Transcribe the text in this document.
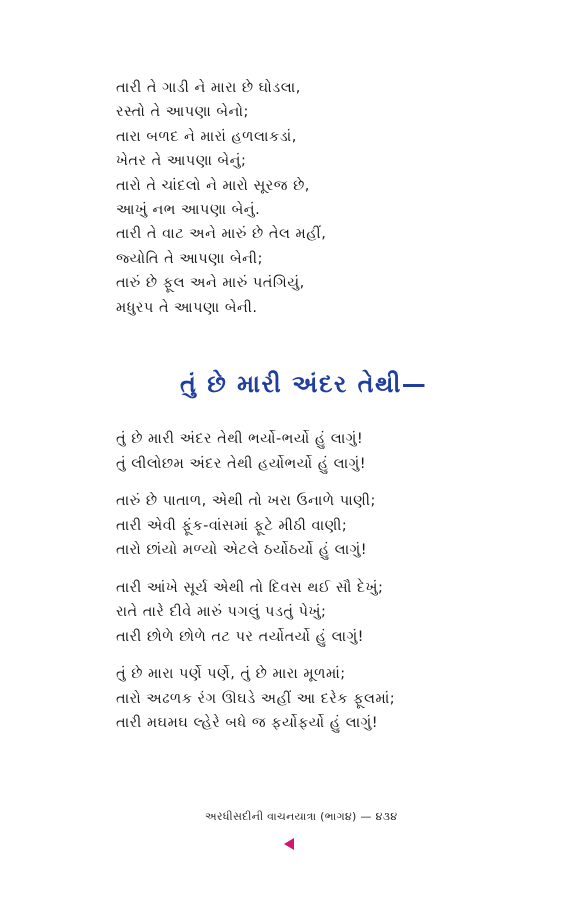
તારી તે ગાડી ને મારા છે ઘોડલા,
રસ્તો તે આપણા બેનો;
તારા બળદ ને મારાં હળલાકડાં,
ખેતર તે આપણા બેનું;
તારો તે ચાંદલો ને મારો સૂરજ છે,
આખું નભ આપણા બેનું.
તારી તે વાટ અને મારું છે તેલ મહીં,
જ્યોતિ તે આપણા બેની;
તારું છે ફૂલ અને મારું પતંગિયું,
મધુરપ તે આપણા બેની.
તું છે મારી અંદર તેથી—
તું છે મારી અંદર તેથી ભર્યો-ભર્યો હું લાગું!
તું લીલોછમ અંદર તેથી હર્યોભર્યો હું લાગું!
તારું છે પાતાળ, એથી તો ખરા ઉનાળે પાણી;
તારી એવી ફૂંક-વાંસમાં ફૂટે મીઠી વાણી;
તારો છાંયો મળ્યો એટલે ઠર્યોઠર્યો હું લાગું!
તારી આંખે સૂર્ય એથી તો દિવસ થઈ સૌ દેખું;
રાતે તારે દીવે મારું પગલું પડતું પેખું;
તારી છોળે છોળે તટ પર તર્યોતર્યો હું લાગું!
તું છે મારા પર્ણે પર્ણે, તું છે મારા મૂળમાં;
તારો અઢળક રંગ ઊઘડે અહીં આ દરેક ફૂલમાં;
તારી મઘમઘ લ્હેરે બધે જ ફર્યોફર્યો હું લાગું!
અરધીસદીની વાચનયાત્રા (ભાગ૪) — ૪૩૪
